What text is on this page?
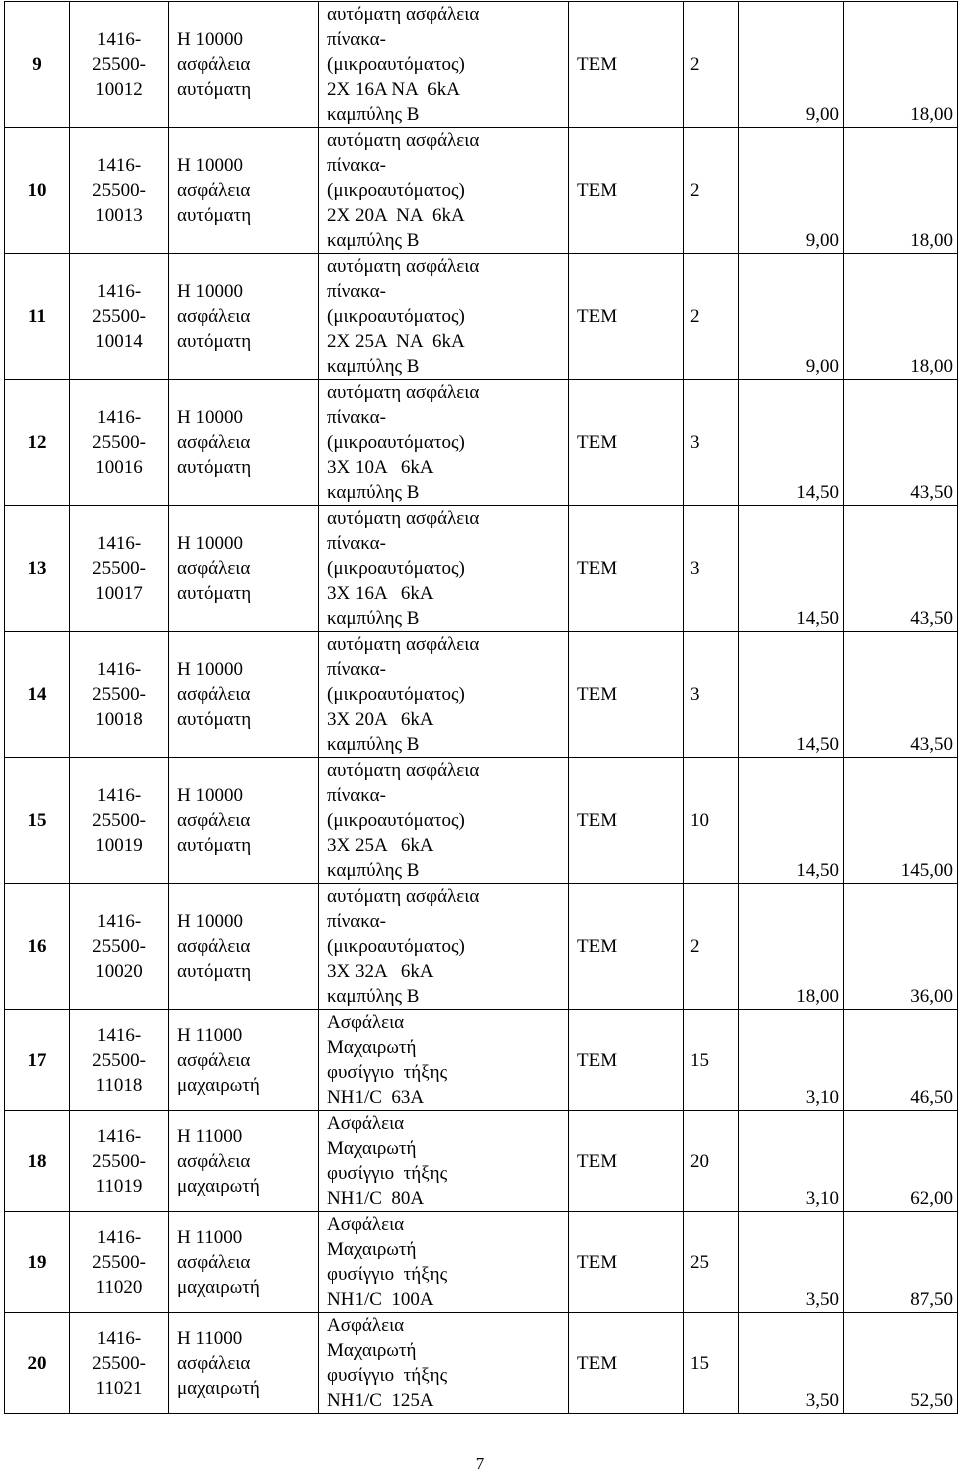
9	1416-
25500-
10012	Η 10000
ασφάλεια
αυτόματη	αυτόματη ασφάλεια
πίνακα-
(μικροαυτόματος)
2Χ 16Α ΝΑ  6kA
καμπύλης Β	ΤΕΜ	2	9,00	18,00
10	1416-
25500-
10013	Η 10000
ασφάλεια
αυτόματη	αυτόματη ασφάλεια
πίνακα-
(μικροαυτόματος)
2Χ 20Α  ΝΑ  6kA
καμπύλης Β	ΤΕΜ	2	9,00	18,00
11	1416-
25500-
10014	Η 10000
ασφάλεια
αυτόματη	αυτόματη ασφάλεια
πίνακα-
(μικροαυτόματος)
2Χ 25Α  ΝΑ  6kA
καμπύλης Β	ΤΕΜ	2	9,00	18,00
12	1416-
25500-
10016	Η 10000
ασφάλεια
αυτόματη	αυτόματη ασφάλεια
πίνακα-
(μικροαυτόματος)
3Χ 10Α   6kA
καμπύλης Β	ΤΕΜ	3	14,50	43,50
13	1416-
25500-
10017	Η 10000
ασφάλεια
αυτόματη	αυτόματη ασφάλεια
πίνακα-
(μικροαυτόματος)
3Χ 16Α   6kA
καμπύλης Β	ΤΕΜ	3	14,50	43,50
14	1416-
25500-
10018	Η 10000
ασφάλεια
αυτόματη	αυτόματη ασφάλεια
πίνακα-
(μικροαυτόματος)
3Χ 20Α   6kA
καμπύλης Β	ΤΕΜ	3	14,50	43,50
15	1416-
25500-
10019	Η 10000
ασφάλεια
αυτόματη	αυτόματη ασφάλεια
πίνακα-
(μικροαυτόματος)
3Χ 25Α   6kA
καμπύλης Β	ΤΕΜ	10	14,50	145,00
16	1416-
25500-
10020	Η 10000
ασφάλεια
αυτόματη	αυτόματη ασφάλεια
πίνακα-
(μικροαυτόματος)
3Χ 32Α   6kA
καμπύλης Β	ΤΕΜ	2	18,00	36,00
17	1416-
25500-
11018	Η 11000
ασφάλεια
μαχαιρωτή	Ασφάλεια
Μαχαιρωτή
φυσίγγιο  τήξης
NH1/C  63A	ΤΕΜ	15	3,10	46,50
18	1416-
25500-
11019	Η 11000
ασφάλεια
μαχαιρωτή	Ασφάλεια
Μαχαιρωτή
φυσίγγιο  τήξης
NH1/C  80A	ΤΕΜ	20	3,10	62,00
19	1416-
25500-
11020	Η 11000
ασφάλεια
μαχαιρωτή	Ασφάλεια
Μαχαιρωτή
φυσίγγιο  τήξης
NH1/C  100A	ΤΕΜ	25	3,50	87,50
20	1416-
25500-
11021	Η 11000
ασφάλεια
μαχαιρωτή	Ασφάλεια
Μαχαιρωτή
φυσίγγιο  τήξης
NH1/C  125A	ΤΕΜ	15	3,50	52,50
7
